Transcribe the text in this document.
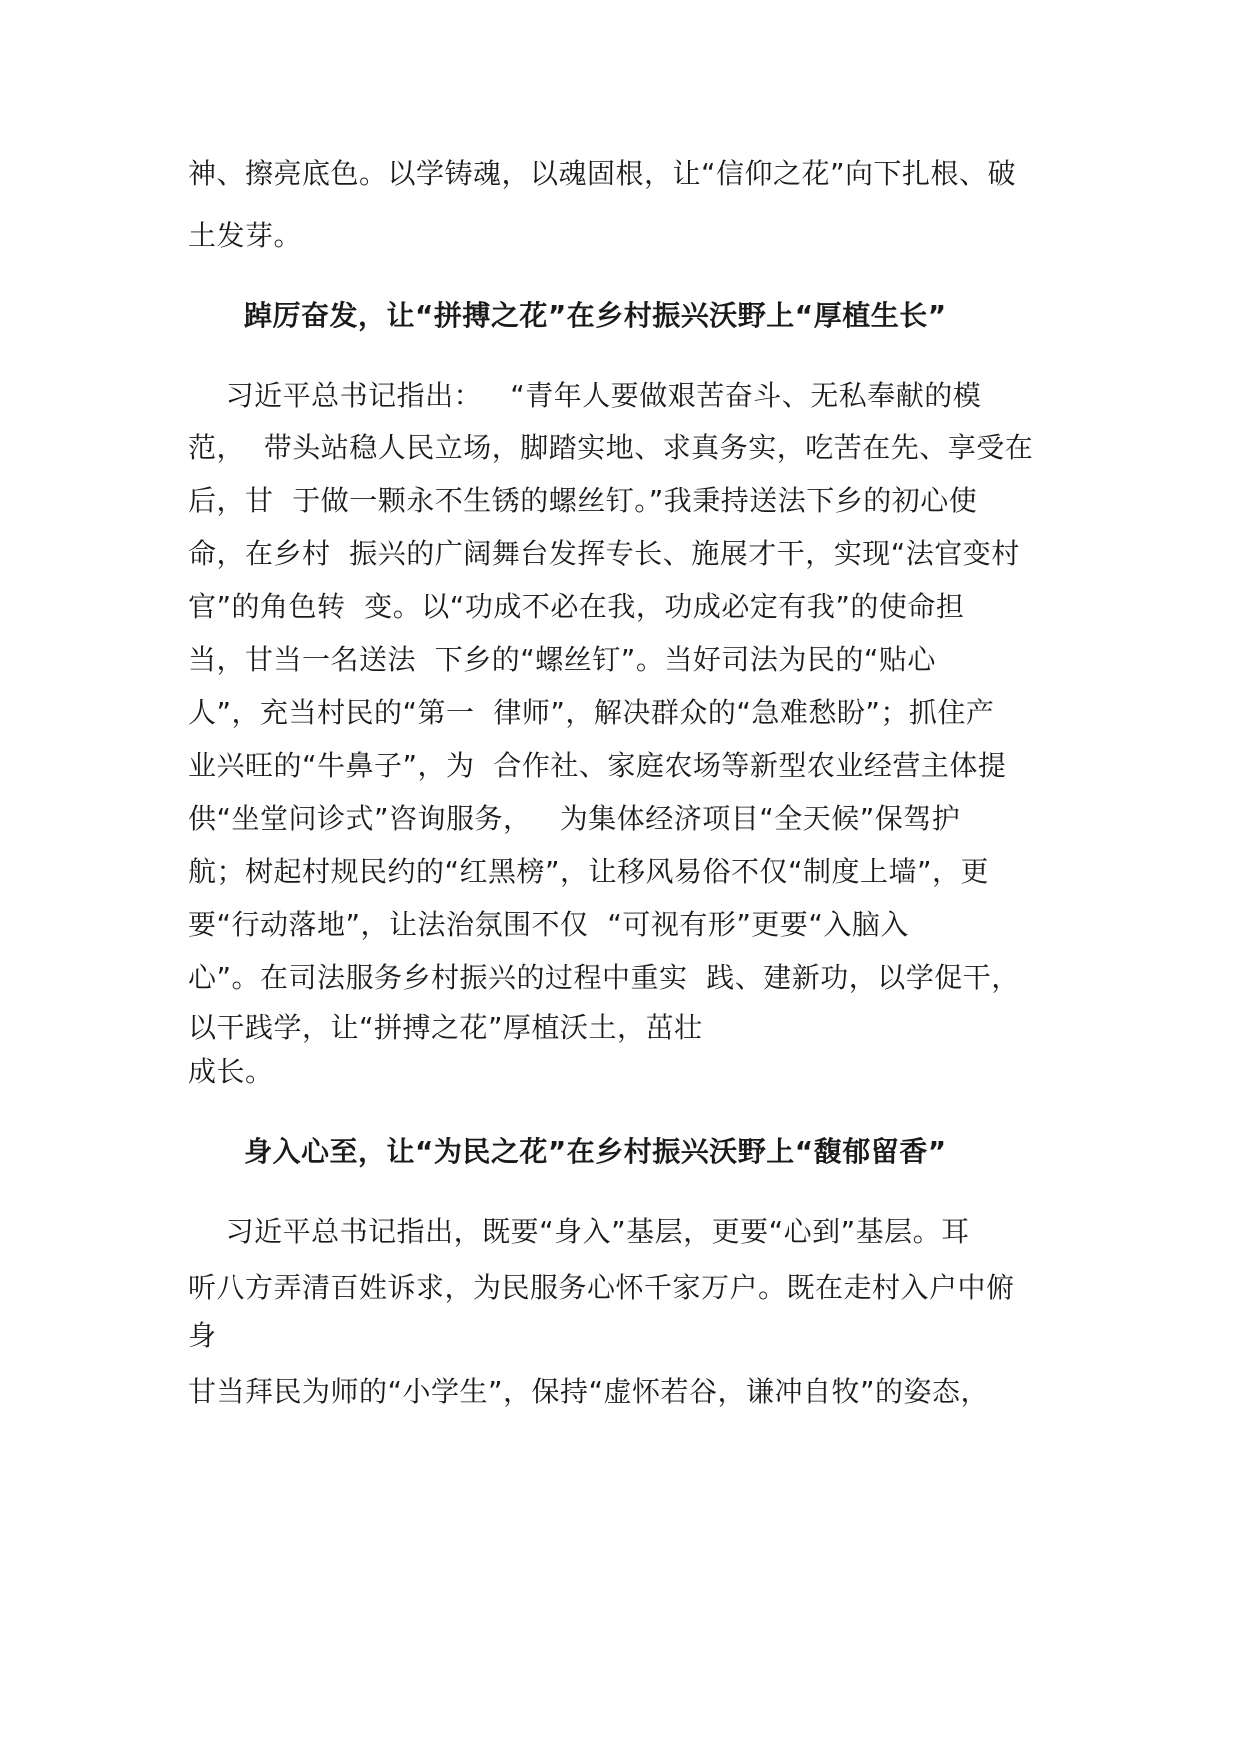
神、擦亮底色。以学铸魂，以魂固根，让“信仰之花”向下扎根、破
土发芽。
踔厉奋发，让“拼搏之花”在乡村振兴沃野上“厚植生长”
习近平总书记指出：   “青年人要做艰苦奋斗、无私奉献的模
范，  带头站稳人民立场，脚踏实地、求真务实，吃苦在先、享受在
后，甘  于做一颗永不生锈的螺丝钉。”我秉持送法下乡的初心使
命，在乡村  振兴的广阔舞台发挥专长、施展才干，实现“法官变村
官”的角色转  变。以“功成不必在我，功成必定有我”的使命担
当，甘当一名送法  下乡的“螺丝钉”。当好司法为民的“贴心
人”，充当村民的“第一  律师”，解决群众的“急难愁盼”；抓住产
业兴旺的“牛鼻子”，为  合作社、家庭农场等新型农业经营主体提
供“坐堂问诊式”咨询服务，   为集体经济项目“全天候”保驾护
航；树起村规民约的“红黑榜”，让移风易俗不仅“制度上墙”，更
要“行动落地”，让法治氛围不仅  “可视有形”更要“入脑入
心”。在司法服务乡村振兴的过程中重实  践、建新功，以学促干，
以干践学，让“拼搏之花”厚植沃土，茁壮
成长。
身入心至，让“为民之花”在乡村振兴沃野上“馥郁留香”
习近平总书记指出，既要“身入”基层，更要“心到”基层。耳
听八方弄清百姓诉求，为民服务心怀千家万户。既在走村入户中俯
身
甘当拜民为师的“小学生”，保持“虚怀若谷，谦冲自牧”的姿态，
